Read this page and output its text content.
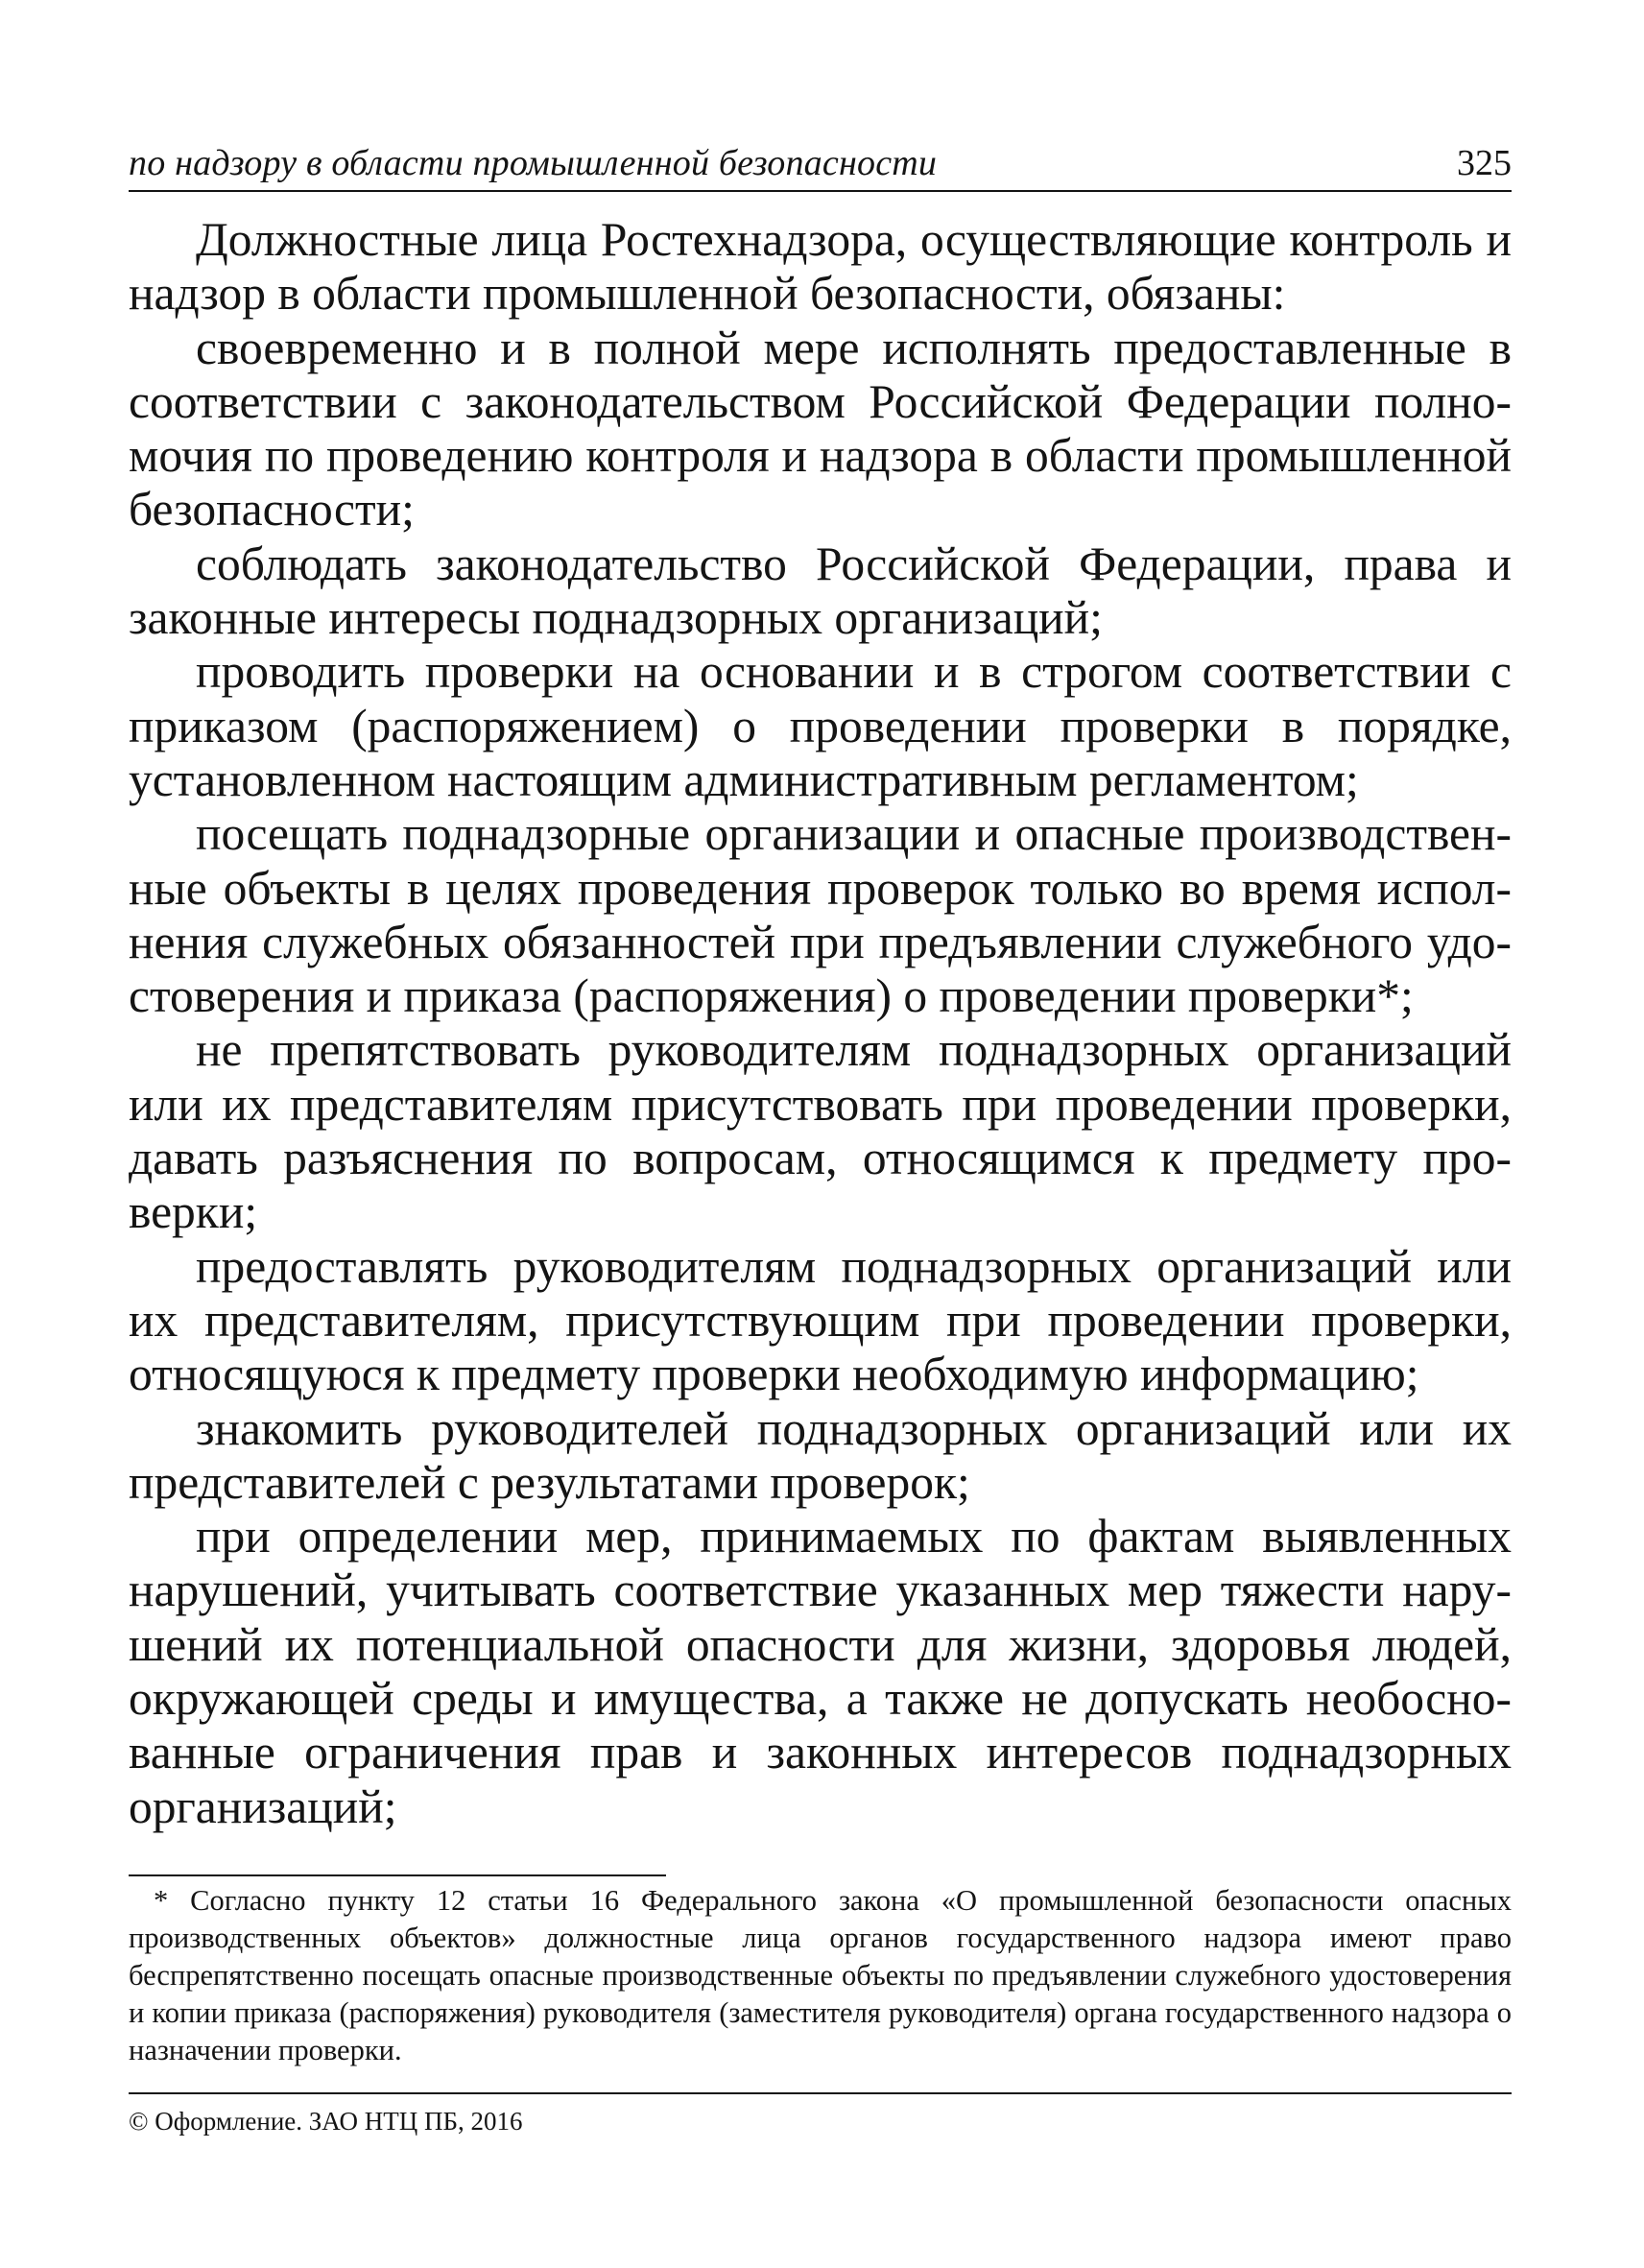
по надзору в области промышленной безопасности	325

Должностные лица Ростехнадзора, осуществляющие контроль и надзор в области промышленной безопасности, обязаны:

своевременно и в полной мере исполнять предоставленные в соответствии с законодательством Российской Федерации полномочия по проведению контроля и надзора в области промышленной безопасности;

соблюдать законодательство Российской Федерации, права и законные интересы поднадзорных организаций;

проводить проверки на основании и в строгом соответствии с приказом (распоряжением) о проведении проверки в порядке, установленном настоящим административным регламентом;

посещать поднадзорные организации и опасные производственные объекты в целях проведения проверок только во время исполнения служебных обязанностей при предъявлении служебного удостоверения и приказа (распоряжения) о проведении проверки*;

не препятствовать руководителям поднадзорных организаций или их представителям присутствовать при проведении проверки, давать разъяснения по вопросам, относящимся к предмету проверки;

предоставлять руководителям поднадзорных организаций или их представителям, присутствующим при проведении проверки, относящуюся к предмету проверки необходимую информацию;

знакомить руководителей поднадзорных организаций или их представителей с результатами проверок;

при определении мер, принимаемых по фактам выявленных нарушений, учитывать соответствие указанных мер тяжести нарушений их потенциальной опасности для жизни, здоровья людей, окружающей среды и имущества, а также не допускать необоснованные ограничения прав и законных интересов поднадзорных организаций;

* Согласно пункту 12 статьи 16 Федерального закона «О промышленной безопасности опасных производственных объектов» должностные лица органов государственного надзора имеют право беспрепятственно посещать опасные производственные объекты по предъявлении служебного удостоверения и копии приказа (распоряжения) руководителя (заместителя руководителя) органа государственного надзора о назначении проверки.

© Оформление. ЗАО НТЦ ПБ, 2016
